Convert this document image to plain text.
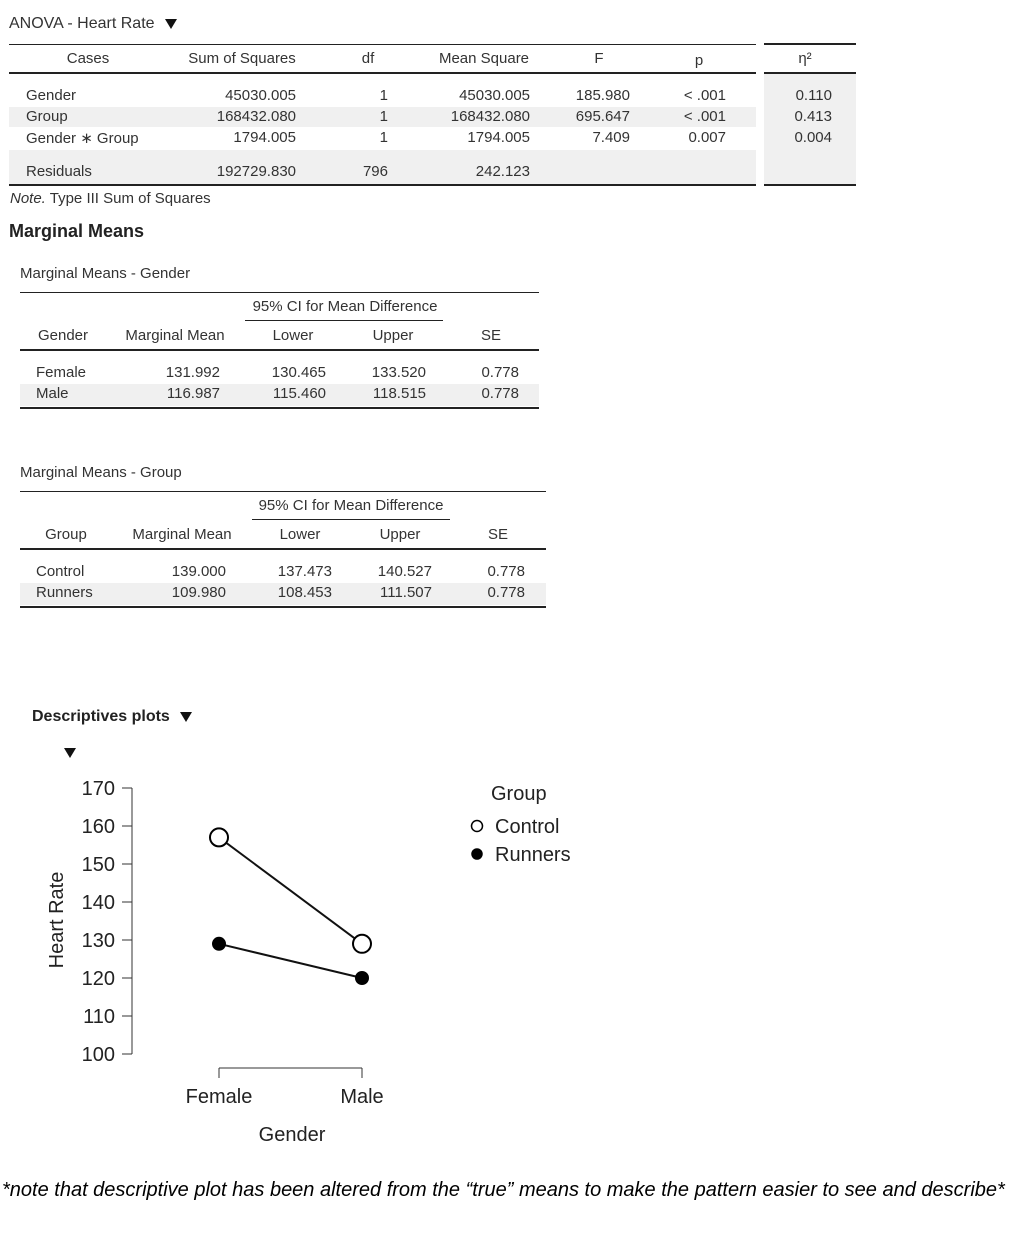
ANOVA - Heart Rate
Cases	Sum of Squares	df	Mean Square	F	p	η²
Gender	45030.005	1	45030.005	185.980	< .001	0.110
Group	168432.080	1	168432.080	695.647	< .001	0.413
Gender ∗ Group	1794.005	1	1794.005	7.409	0.007	0.004
Residuals	192729.830	796	242.123
Note. Type III Sum of Squares
Marginal Means
Marginal Means - Gender
95% CI for Mean Difference
Gender	Marginal Mean	Lower	Upper	SE
Female	131.992	130.465	133.520	0.778
Male	116.987	115.460	118.515	0.778
Marginal Means - Group
95% CI for Mean Difference
Group	Marginal Mean	Lower	Upper	SE
Control	139.000	137.473	140.527	0.778
Runners	109.980	108.453	111.507	0.778
Descriptives plots
100
110
120
130
140
150
160
170
Female	Male
Heart Rate
Gender
Group
Control
Runners
*note that descriptive plot has been altered from the “true” means to make the pattern easier to see and describe*
